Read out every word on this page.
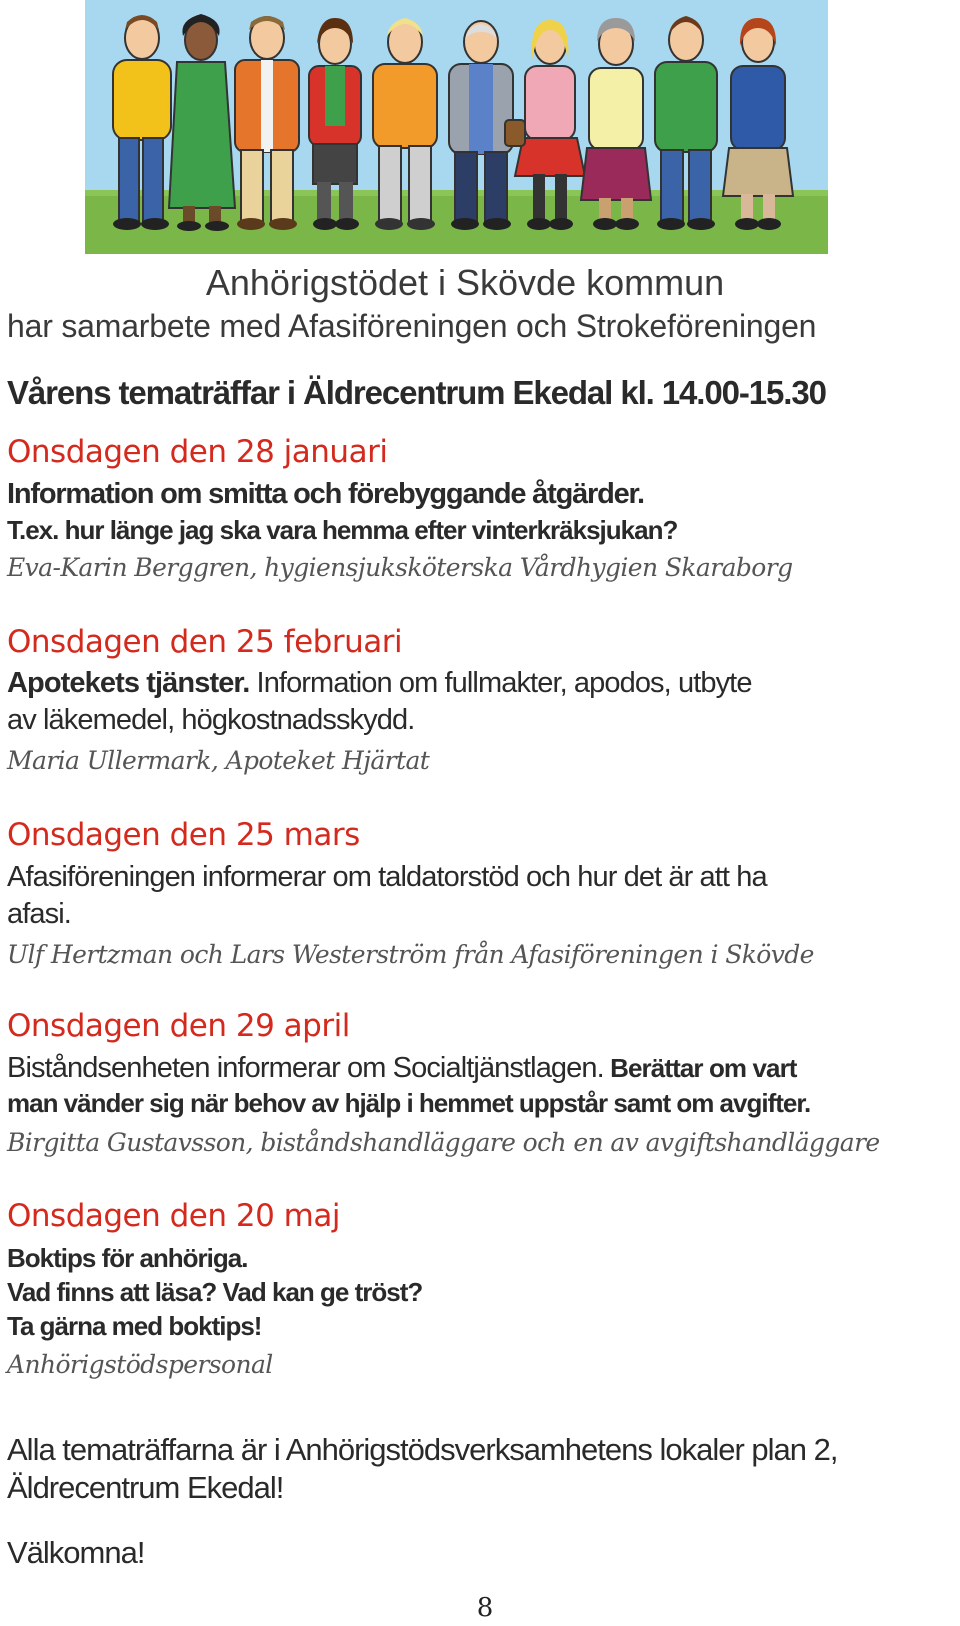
Anhörigstödet i Skövde kommun

har samarbete med Afasiföreningen och Strokeföreningen

Vårens tematräffar i Äldrecentrum Ekedal kl. 14.00-15.30

Onsdagen den 28 januari

Information om smitta och förebyggande åtgärder.

T.ex. hur länge jag ska vara hemma efter vinterkräksjukan?

Eva-Karin Berggren, hygiensjuksköterska Vårdhygien Skaraborg

Onsdagen den 25 februari

Apotekets tjänster. Information om fullmakter, apodos, utbyte

av läkemedel, högkostnadsskydd.

Maria Ullermark, Apoteket Hjärtat

Onsdagen den 25 mars

Afasiföreningen informerar om taldatorstöd och hur det är att ha

afasi.

Ulf Hertzman och Lars Westerström från Afasiföreningen i Skövde

Onsdagen den 29 april

Biståndsenheten informerar om Socialtjänstlagen. Berättar om vart

man vänder sig när behov av hjälp i hemmet uppstår samt om avgifter.

Birgitta Gustavsson, biståndshandläggare och en av avgiftshandläggare

Onsdagen den 20 maj

Boktips för anhöriga.

Vad finns att läsa? Vad kan ge tröst?

Ta gärna med boktips!

Anhörigstödspersonal

Alla tematräffarna är i Anhörigstödsverksamhetens lokaler plan 2,

Äldrecentrum Ekedal!

Välkomna!

8
